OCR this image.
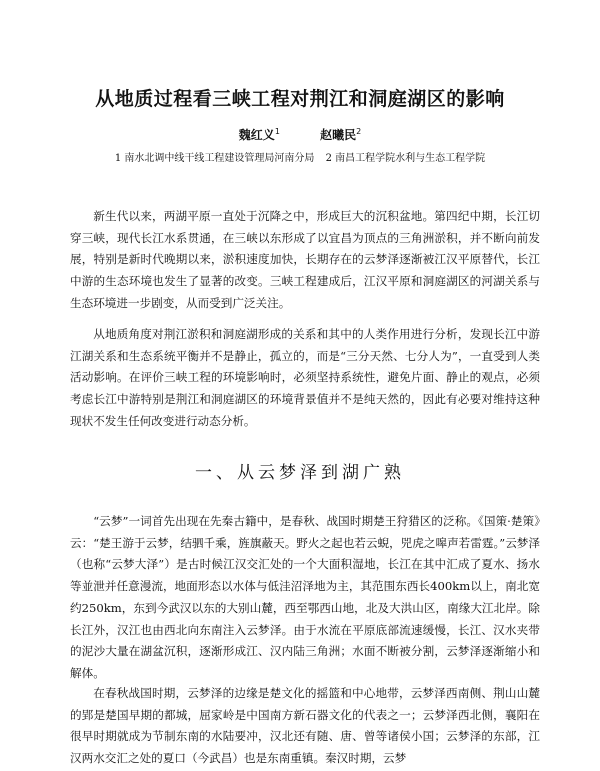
从地质过程看三峡工程对荆江和洞庭湖区的影响
魏红义$^1$	赵曦民$^2$
1 南水北调中线干线工程建设管理局河南分局 2 南昌工程学院水利与生态工程学院

新生代以来，两湖平原一直处于沉降之中，形成巨大的沉积盆地。第四纪中期，长江切穿三峡，现代长江水系贯通，在三峡以东形成了以宜昌为顶点的三角洲淤积，并不断向前发展，特别是新时代晚期以来，淤积速度加快，长期存在的云梦泽逐渐被江汉平原替代，长江中游的生态环境也发生了显著的改变。三峡工程建成后，江汉平原和洞庭湖区的河湖关系与生态环境进一步剧变，从而受到广泛关注。

从地质角度对荆江淤积和洞庭湖形成的关系和其中的人类作用进行分析，发现长江中游江湖关系和生态系统平衡并不是静止，孤立的，而是“三分天然、七分人为”，一直受到人类活动影响。在评价三峡工程的环境影响时，必须坚持系统性，避免片面、静止的观点，必须考虑长江中游特别是荆江和洞庭湖区的环境背景值并不是纯天然的，因此有必要对维持这种现状不发生任何改变进行动态分析。

一、从云梦泽到湖广熟

“云梦”一词首先出现在先秦古籍中，是春秋、战国时期楚王狩猎区的泛称。《国策·楚策》云：“楚王游于云梦，结驷千乘，旌旗蔽天。野火之起也若云蜺，兕虎之嗥声若雷霆。”云梦泽（也称“云梦大泽”）是古时候江汉交汇处的一个大面积湿地，长江在其中汇成了夏水、扬水等並泄并任意漫流，地面形态以水体与低洼沼泽地为主，其范围东西长400km以上，南北宽约250km，东到今武汉以东的大别山麓，西至鄂西山地，北及大洪山区，南缘大江北岸。除长江外，汉江也由西北向东南注入云梦泽。由于水流在平原底部流速缓慢，长江、汉水夹带的泥沙大量在湖盆沉积，逐渐形成江、汉内陆三角洲；水面不断被分割，云梦泽逐渐缩小和解体。

在春秋战国时期，云梦泽的边缘是楚文化的摇篮和中心地带，云梦泽西南侧、荆山山麓的郢是楚国早期的都城，屈家岭是中国南方新石器文化的代表之一；云梦泽西北侧，襄阳在很早时期就成为节制东南的水陆要冲，汉北还有随、唐、曾等诸侯小国；云梦泽的东部，江汉两水交汇之处的夏口（今武昌）也是东南重镇。秦汉时期，云梦
